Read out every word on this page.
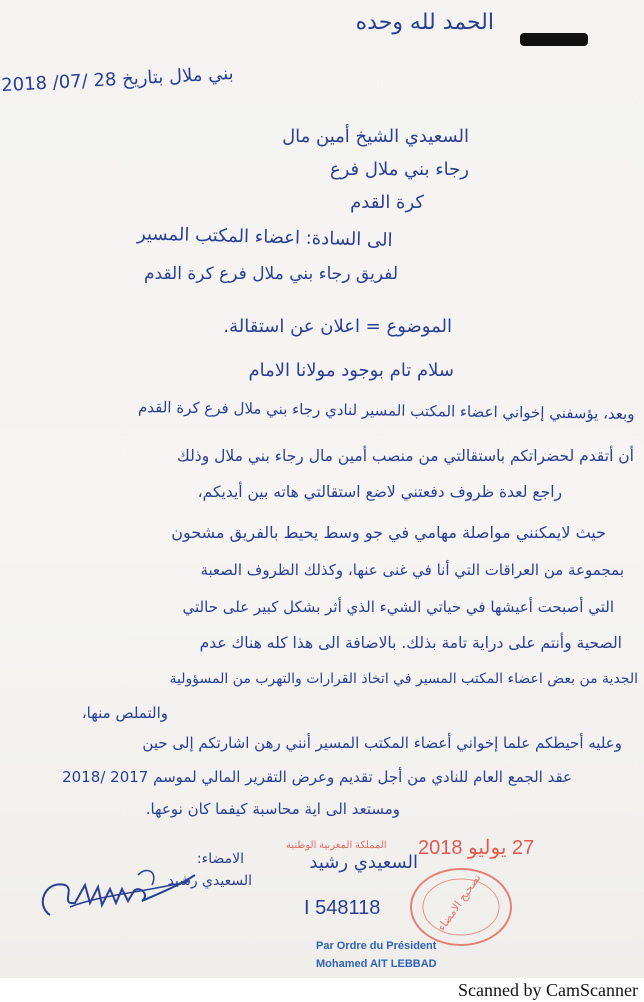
الحمد لله وحده
بني ملال بتاريخ 28 /07/ 2018
السعيدي الشيخ أمين مال
رجاء بني ملال فرع
كرة القدم
الى السادة: اعضاء المكتب المسير
لفريق رجاء بني ملال فرع كرة القدم
الموضوع = اعلان عن استقالة.
سلام تام بوجود مولانا الامام
وبعد، يؤسفني إخواني اعضاء المكتب المسير لنادي رجاء بني ملال فرع كرة القدم
أن أتقدم لحضراتكم باستقالتي من منصب أمين مال رجاء بني ملال وذلك
راجع لعدة ظروف دفعتني لاضع استقالتي هاته بين أيديكم،
حيث لايمكنني مواصلة مهامي في جو وسط يحيط بالفريق مشحون
بمجموعة من العراقات التي أنا في غنى عنها، وكذلك الظروف الصعبة
التي أصبحت أعيشها في حياتي الشيء الذي أثر بشكل كبير على حالتي
الصحية وأنتم على دراية تامة بذلك. بالاضافة الى هذا كله هناك عدم
الجدية من بعض اعضاء المكتب المسير في اتخاذ القرارات والتهرب من المسؤولية
والتملص منها،
وعليه أحيطكم علما إخواني أعضاء المكتب المسير أنني رهن اشارتكم إلى حين
عقد الجمع العام للنادي من أجل تقديم وعرض التقرير المالي لموسم 2017 /2018
ومستعد الى اية محاسبة كيفما كان نوعها.
الامضاء:
السعيدي رشيد
المملكة المغربية الوطنية 27 يوليو 2018
السعيدي رشيد
I 548118	تصحيح الامضاء
Par Ordre du Président
Mohamed AIT LEBBAD
Scanned by CamScanner
